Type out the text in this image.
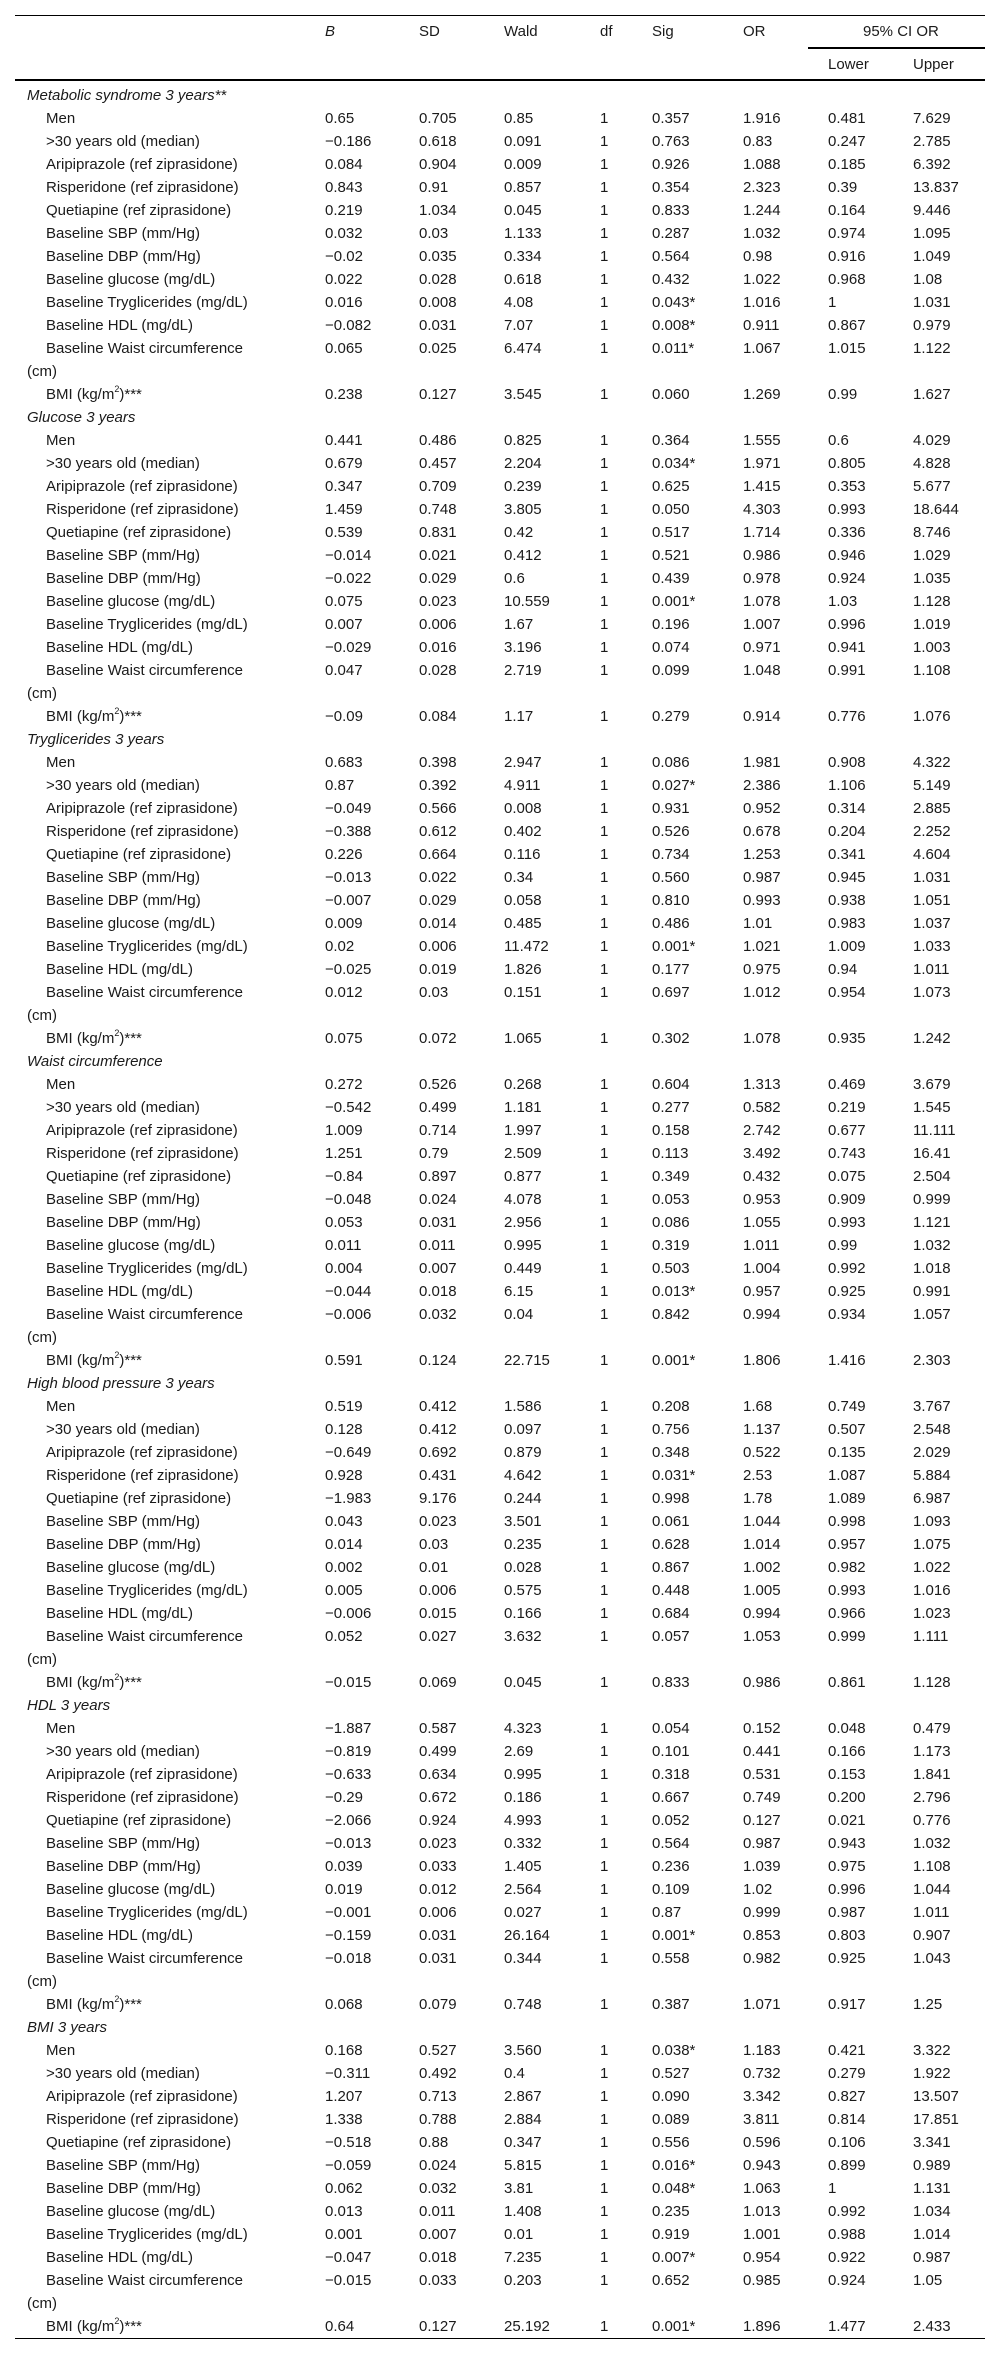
B	SD	Wald	df	Sig	OR	95% CI OR
Lower	Upper
Metabolic syndrome 3 years**
Men	0.65	0.705	0.85	1	0.357	1.916	0.481	7.629
>30 years old (median)	−0.186	0.618	0.091	1	0.763	0.83	0.247	2.785
Aripiprazole (ref ziprasidone)	0.084	0.904	0.009	1	0.926	1.088	0.185	6.392
Risperidone (ref ziprasidone)	0.843	0.91	0.857	1	0.354	2.323	0.39	13.837
Quetiapine (ref ziprasidone)	0.219	1.034	0.045	1	0.833	1.244	0.164	9.446
Baseline SBP (mm/Hg)	0.032	0.03	1.133	1	0.287	1.032	0.974	1.095
Baseline DBP (mm/Hg)	−0.02	0.035	0.334	1	0.564	0.98	0.916	1.049
Baseline glucose (mg/dL)	0.022	0.028	0.618	1	0.432	1.022	0.968	1.08
Baseline Tryglicerides (mg/dL)	0.016	0.008	4.08	1	0.043*	1.016	1	1.031
Baseline HDL (mg/dL)	−0.082	0.031	7.07	1	0.008*	0.911	0.867	0.979
Baseline Waist circumference	0.065	0.025	6.474	1	0.011*	1.067	1.015	1.122
(cm)
BMI $(kg/m^2)***$	0.238	0.127	3.545	1	0.060	1.269	0.99	1.627
Glucose 3 years
Men	0.441	0.486	0.825	1	0.364	1.555	0.6	4.029
>30 years old (median)	0.679	0.457	2.204	1	0.034*	1.971	0.805	4.828
Aripiprazole (ref ziprasidone)	0.347	0.709	0.239	1	0.625	1.415	0.353	5.677
Risperidone (ref ziprasidone)	1.459	0.748	3.805	1	0.050	4.303	0.993	18.644
Quetiapine (ref ziprasidone)	0.539	0.831	0.42	1	0.517	1.714	0.336	8.746
Baseline SBP (mm/Hg)	−0.014	0.021	0.412	1	0.521	0.986	0.946	1.029
Baseline DBP (mm/Hg)	−0.022	0.029	0.6	1	0.439	0.978	0.924	1.035
Baseline glucose (mg/dL)	0.075	0.023	10.559	1	0.001*	1.078	1.03	1.128
Baseline Tryglicerides (mg/dL)	0.007	0.006	1.67	1	0.196	1.007	0.996	1.019
Baseline HDL (mg/dL)	−0.029	0.016	3.196	1	0.074	0.971	0.941	1.003
Baseline Waist circumference	0.047	0.028	2.719	1	0.099	1.048	0.991	1.108
(cm)
BMI $(kg/m^2)***$	−0.09	0.084	1.17	1	0.279	0.914	0.776	1.076
Tryglicerides 3 years
Men	0.683	0.398	2.947	1	0.086	1.981	0.908	4.322
>30 years old (median)	0.87	0.392	4.911	1	0.027*	2.386	1.106	5.149
Aripiprazole (ref ziprasidone)	−0.049	0.566	0.008	1	0.931	0.952	0.314	2.885
Risperidone (ref ziprasidone)	−0.388	0.612	0.402	1	0.526	0.678	0.204	2.252
Quetiapine (ref ziprasidone)	0.226	0.664	0.116	1	0.734	1.253	0.341	4.604
Baseline SBP (mm/Hg)	−0.013	0.022	0.34	1	0.560	0.987	0.945	1.031
Baseline DBP (mm/Hg)	−0.007	0.029	0.058	1	0.810	0.993	0.938	1.051
Baseline glucose (mg/dL)	0.009	0.014	0.485	1	0.486	1.01	0.983	1.037
Baseline Tryglicerides (mg/dL)	0.02	0.006	11.472	1	0.001*	1.021	1.009	1.033
Baseline HDL (mg/dL)	−0.025	0.019	1.826	1	0.177	0.975	0.94	1.011
Baseline Waist circumference	0.012	0.03	0.151	1	0.697	1.012	0.954	1.073
(cm)
BMI $(kg/m^2)***$	0.075	0.072	1.065	1	0.302	1.078	0.935	1.242
Waist circumference
Men	0.272	0.526	0.268	1	0.604	1.313	0.469	3.679
>30 years old (median)	−0.542	0.499	1.181	1	0.277	0.582	0.219	1.545
Aripiprazole (ref ziprasidone)	1.009	0.714	1.997	1	0.158	2.742	0.677	11.111
Risperidone (ref ziprasidone)	1.251	0.79	2.509	1	0.113	3.492	0.743	16.41
Quetiapine (ref ziprasidone)	−0.84	0.897	0.877	1	0.349	0.432	0.075	2.504
Baseline SBP (mm/Hg)	−0.048	0.024	4.078	1	0.053	0.953	0.909	0.999
Baseline DBP (mm/Hg)	0.053	0.031	2.956	1	0.086	1.055	0.993	1.121
Baseline glucose (mg/dL)	0.011	0.011	0.995	1	0.319	1.011	0.99	1.032
Baseline Tryglicerides (mg/dL)	0.004	0.007	0.449	1	0.503	1.004	0.992	1.018
Baseline HDL (mg/dL)	−0.044	0.018	6.15	1	0.013*	0.957	0.925	0.991
Baseline Waist circumference	−0.006	0.032	0.04	1	0.842	0.994	0.934	1.057
(cm)
BMI $(kg/m^2)***$	0.591	0.124	22.715	1	0.001*	1.806	1.416	2.303
High blood pressure 3 years
Men	0.519	0.412	1.586	1	0.208	1.68	0.749	3.767
>30 years old (median)	0.128	0.412	0.097	1	0.756	1.137	0.507	2.548
Aripiprazole (ref ziprasidone)	−0.649	0.692	0.879	1	0.348	0.522	0.135	2.029
Risperidone (ref ziprasidone)	0.928	0.431	4.642	1	0.031*	2.53	1.087	5.884
Quetiapine (ref ziprasidone)	−1.983	9.176	0.244	1	0.998	1.78	1.089	6.987
Baseline SBP (mm/Hg)	0.043	0.023	3.501	1	0.061	1.044	0.998	1.093
Baseline DBP (mm/Hg)	0.014	0.03	0.235	1	0.628	1.014	0.957	1.075
Baseline glucose (mg/dL)	0.002	0.01	0.028	1	0.867	1.002	0.982	1.022
Baseline Tryglicerides (mg/dL)	0.005	0.006	0.575	1	0.448	1.005	0.993	1.016
Baseline HDL (mg/dL)	−0.006	0.015	0.166	1	0.684	0.994	0.966	1.023
Baseline Waist circumference	0.052	0.027	3.632	1	0.057	1.053	0.999	1.111
(cm)
BMI $(kg/m^2)***$	−0.015	0.069	0.045	1	0.833	0.986	0.861	1.128
HDL 3 years
Men	−1.887	0.587	4.323	1	0.054	0.152	0.048	0.479
>30 years old (median)	−0.819	0.499	2.69	1	0.101	0.441	0.166	1.173
Aripiprazole (ref ziprasidone)	−0.633	0.634	0.995	1	0.318	0.531	0.153	1.841
Risperidone (ref ziprasidone)	−0.29	0.672	0.186	1	0.667	0.749	0.200	2.796
Quetiapine (ref ziprasidone)	−2.066	0.924	4.993	1	0.052	0.127	0.021	0.776
Baseline SBP (mm/Hg)	−0.013	0.023	0.332	1	0.564	0.987	0.943	1.032
Baseline DBP (mm/Hg)	0.039	0.033	1.405	1	0.236	1.039	0.975	1.108
Baseline glucose (mg/dL)	0.019	0.012	2.564	1	0.109	1.02	0.996	1.044
Baseline Tryglicerides (mg/dL)	−0.001	0.006	0.027	1	0.87	0.999	0.987	1.011
Baseline HDL (mg/dL)	−0.159	0.031	26.164	1	0.001*	0.853	0.803	0.907
Baseline Waist circumference	−0.018	0.031	0.344	1	0.558	0.982	0.925	1.043
(cm)
BMI $(kg/m^2)***$	0.068	0.079	0.748	1	0.387	1.071	0.917	1.25
BMI 3 years
Men	0.168	0.527	3.560	1	0.038*	1.183	0.421	3.322
>30 years old (median)	−0.311	0.492	0.4	1	0.527	0.732	0.279	1.922
Aripiprazole (ref ziprasidone)	1.207	0.713	2.867	1	0.090	3.342	0.827	13.507
Risperidone (ref ziprasidone)	1.338	0.788	2.884	1	0.089	3.811	0.814	17.851
Quetiapine (ref ziprasidone)	−0.518	0.88	0.347	1	0.556	0.596	0.106	3.341
Baseline SBP (mm/Hg)	−0.059	0.024	5.815	1	0.016*	0.943	0.899	0.989
Baseline DBP (mm/Hg)	0.062	0.032	3.81	1	0.048*	1.063	1	1.131
Baseline glucose (mg/dL)	0.013	0.011	1.408	1	0.235	1.013	0.992	1.034
Baseline Tryglicerides (mg/dL)	0.001	0.007	0.01	1	0.919	1.001	0.988	1.014
Baseline HDL (mg/dL)	−0.047	0.018	7.235	1	0.007*	0.954	0.922	0.987
Baseline Waist circumference	−0.015	0.033	0.203	1	0.652	0.985	0.924	1.05
(cm)
BMI $(kg/m^2)***$	0.64	0.127	25.192	1	0.001*	1.896	1.477	2.433
